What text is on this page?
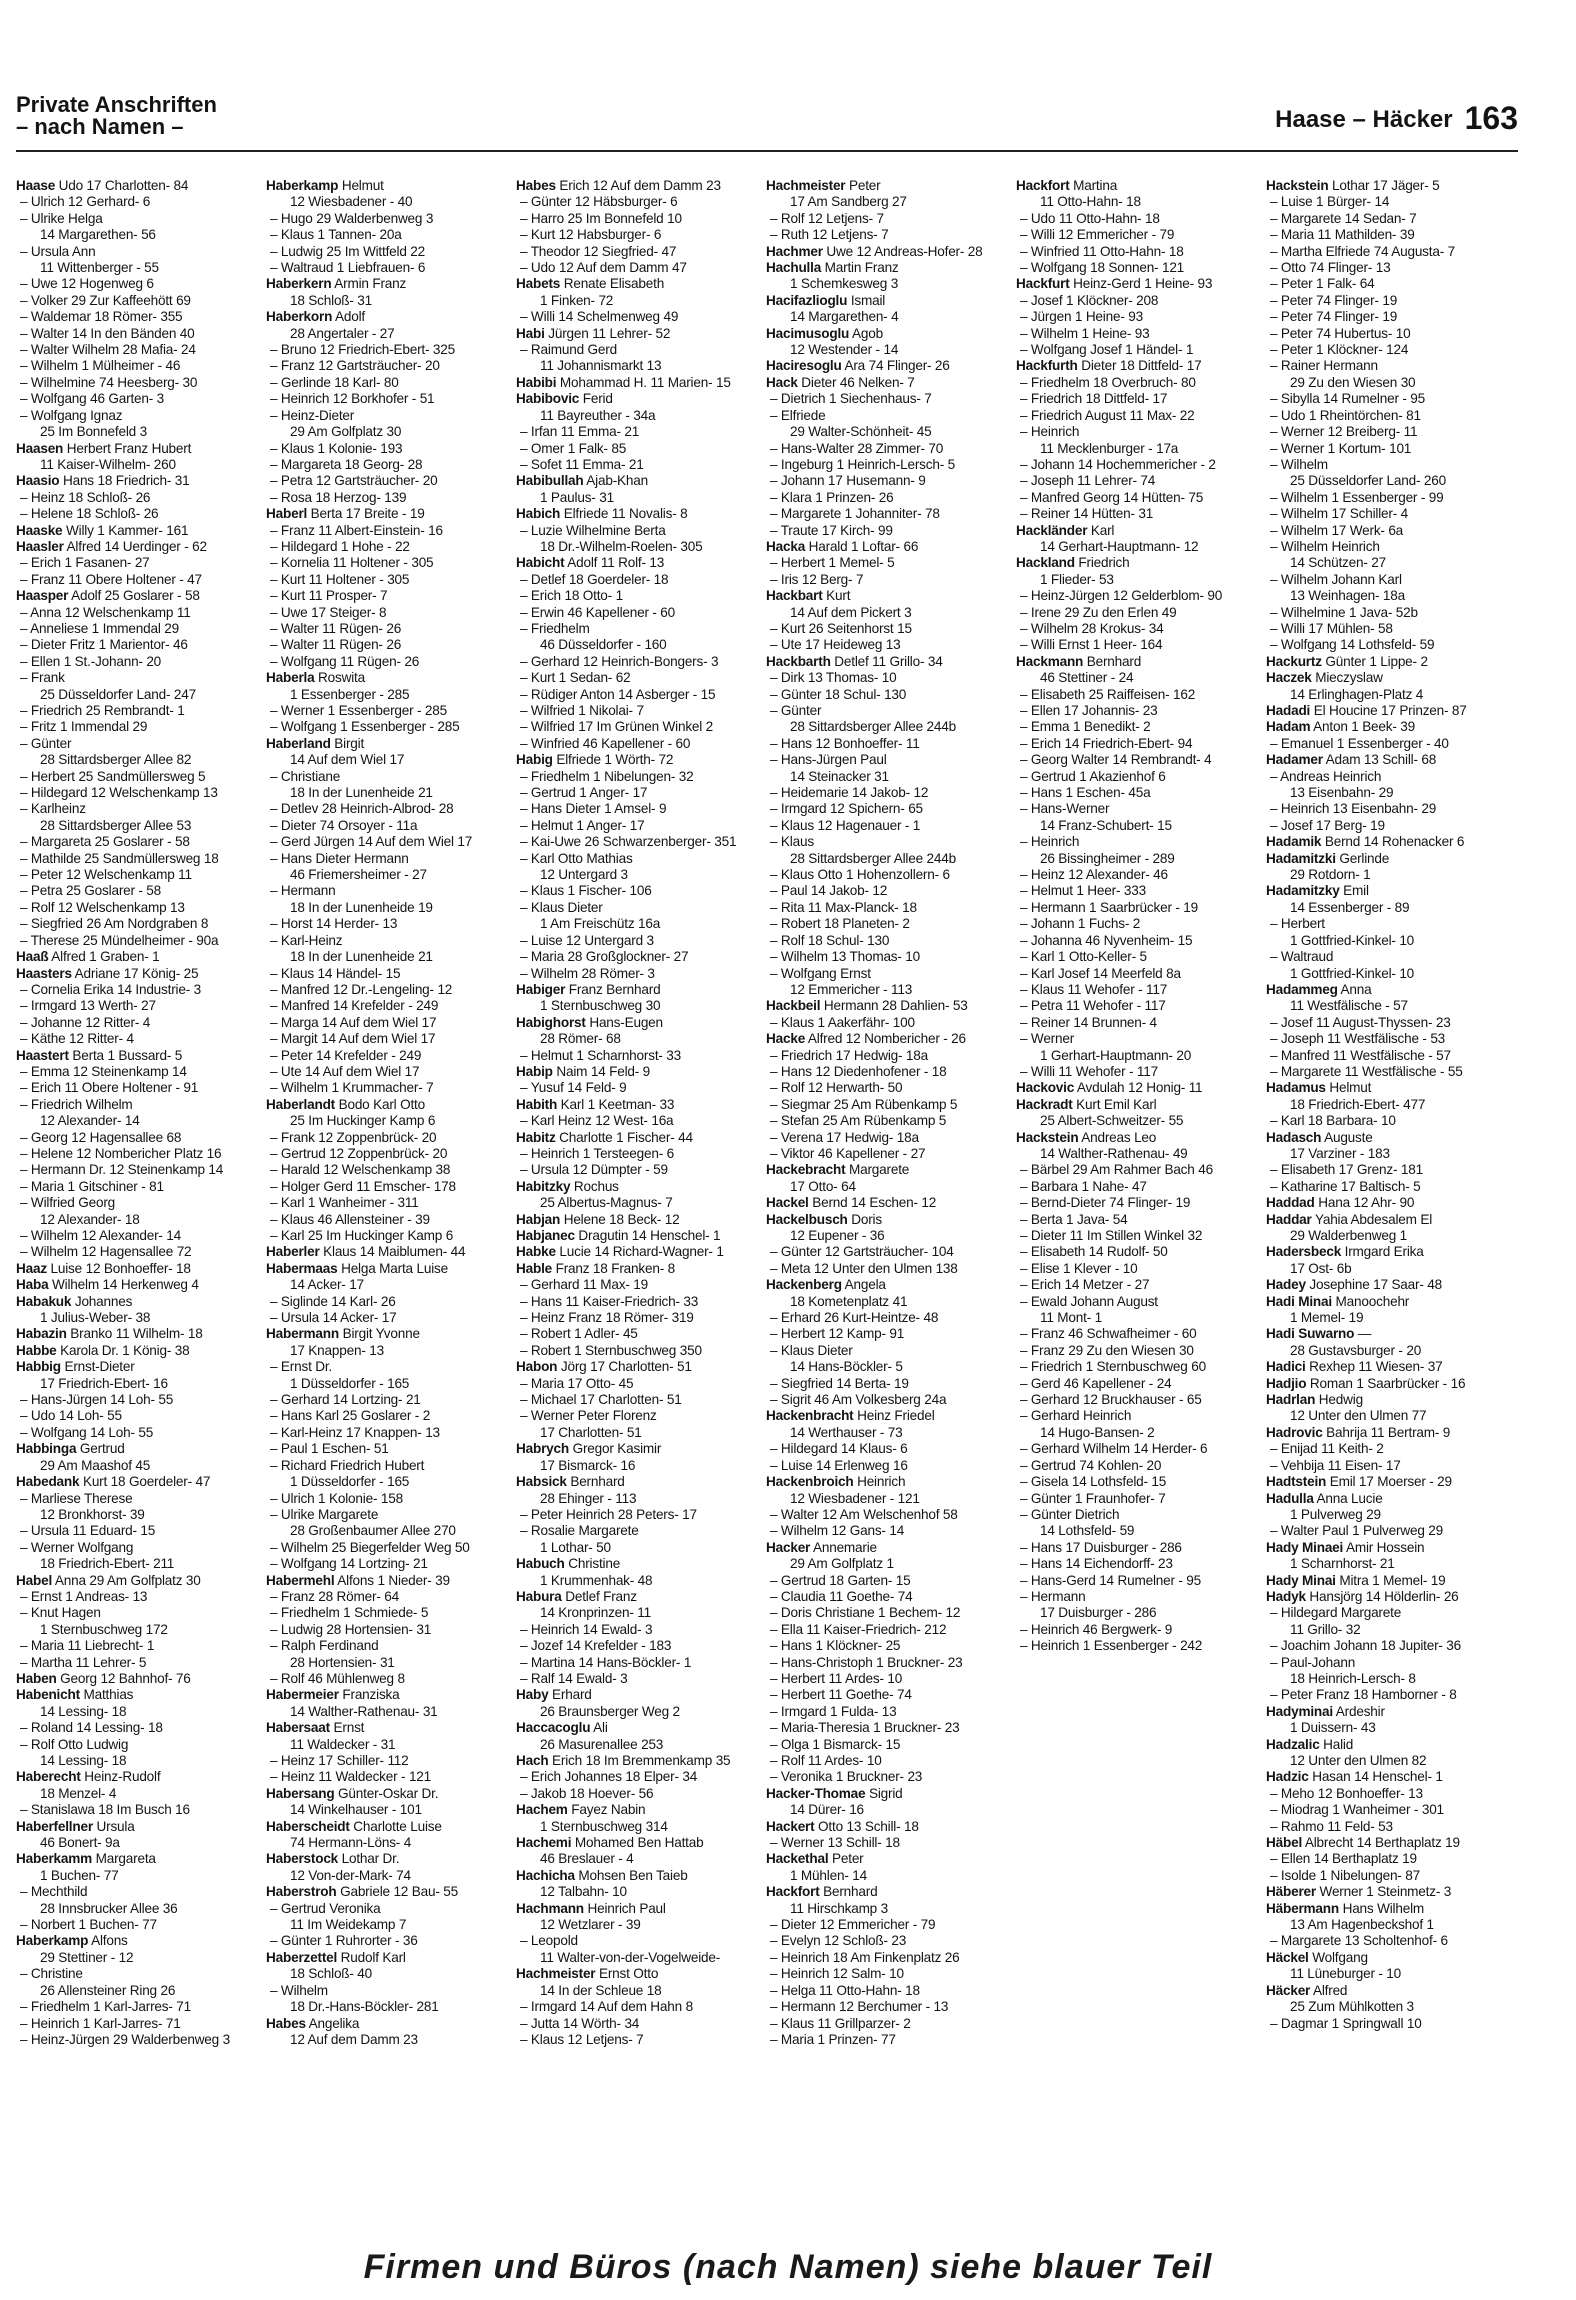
Private Anschriften
– nach Namen –	Haase – Häcker 163
Haase Udo 17 Charlotten- 84
– Ulrich 12 Gerhard- 6
– Ulrike Helga
14 Margarethen- 56
– Ursula Ann
11 Wittenberger - 55
– Uwe 12 Hogenweg 6
– Volker 29 Zur Kaffeehött 69
– Waldemar 18 Römer- 355
– Walter 14 In den Bänden 40
– Walter Wilhelm 28 Mafia- 24
– Wilhelm 1 Mülheimer - 46
– Wilhelmine 74 Heesberg- 30
– Wolfgang 46 Garten- 3
– Wolfgang Ignaz
25 Im Bonnefeld 3
Haasen Herbert Franz Hubert
11 Kaiser-Wilhelm- 260
Haasio Hans 18 Friedrich- 31
– Heinz 18 Schloß- 26
– Helene 18 Schloß- 26
Haaske Willy 1 Kammer- 161
Haasler Alfred 14 Uerdinger - 62
– Erich 1 Fasanen- 27
– Franz 11 Obere Holtener - 47
Haasper Adolf 25 Goslarer - 58
– Anna 12 Welschenkamp 11
– Anneliese 1 Immendal 29
– Dieter Fritz 1 Marientor- 46
– Ellen 1 St.-Johann- 20
– Frank
25 Düsseldorfer Land- 247
– Friedrich 25 Rembrandt- 1
– Fritz 1 Immendal 29
– Günter
28 Sittardsberger Allee 82
– Herbert 25 Sandmüllersweg 5
– Hildegard 12 Welschenkamp 13
– Karlheinz
28 Sittardsberger Allee 53
– Margareta 25 Goslarer - 58
– Mathilde 25 Sandmüllersweg 18
– Peter 12 Welschenkamp 11
– Petra 25 Goslarer - 58
– Rolf 12 Welschenkamp 13
– Siegfried 26 Am Nordgraben 8
– Therese 25 Mündelheimer - 90a
Haaß Alfred 1 Graben- 1
Haasters Adriane 17 König- 25
– Cornelia Erika 14 Industrie- 3
– Irmgard 13 Werth- 27
– Johanne 12 Ritter- 4
– Käthe 12 Ritter- 4
Haastert Berta 1 Bussard- 5
– Emma 12 Steinenkamp 14
– Erich 11 Obere Holtener - 91
– Friedrich Wilhelm
12 Alexander- 14
– Georg 12 Hagensallee 68
– Helene 12 Nombericher Platz 16
– Hermann Dr. 12 Steinenkamp 14
– Maria 1 Gitschiner - 81
– Wilfried Georg
12 Alexander- 18
– Wilhelm 12 Alexander- 14
– Wilhelm 12 Hagensallee 72
Haaz Luise 12 Bonhoeffer- 18
Haba Wilhelm 14 Herkenweg 4
Habakuk Johannes
1 Julius-Weber- 38
Habazin Branko 11 Wilhelm- 18
Habbe Karola Dr. 1 König- 38
Habbig Ernst-Dieter
17 Friedrich-Ebert- 16
– Hans-Jürgen 14 Loh- 55
– Udo 14 Loh- 55
– Wolfgang 14 Loh- 55
Habbinga Gertrud
29 Am Maashof 45
Habedank Kurt 18 Goerdeler- 47
– Marliese Therese
12 Bronkhorst- 39
– Ursula 11 Eduard- 15
– Werner Wolfgang
18 Friedrich-Ebert- 211
Habel Anna 29 Am Golfplatz 30
– Ernst 1 Andreas- 13
– Knut Hagen
1 Sternbuschweg 172
– Maria 11 Liebrecht- 1
– Martha 11 Lehrer- 5
Haben Georg 12 Bahnhof- 76
Habenicht Matthias
14 Lessing- 18
– Roland 14 Lessing- 18
– Rolf Otto Ludwig
14 Lessing- 18
Haberecht Heinz-Rudolf
18 Menzel- 4
– Stanislawa 18 Im Busch 16
Haberfellner Ursula
46 Bonert- 9a
Haberkamm Margareta
1 Buchen- 77
– Mechthild
28 Innsbrucker Allee 36
– Norbert 1 Buchen- 77
Haberkamp Alfons
29 Stettiner - 12
– Christine
26 Allensteiner Ring 26
– Friedhelm 1 Karl-Jarres- 71
– Heinrich 1 Karl-Jarres- 71
– Heinz-Jürgen 29 Walderbenweg 3
Haberkamp Helmut
12 Wiesbadener - 40
– Hugo 29 Walderbenweg 3
– Klaus 1 Tannen- 20a
– Ludwig 25 Im Wittfeld 22
– Waltraud 1 Liebfrauen- 6
Haberkern Armin Franz
18 Schloß- 31
Haberkorn Adolf
28 Angertaler - 27
– Bruno 12 Friedrich-Ebert- 325
– Franz 12 Gartsträucher- 20
– Gerlinde 18 Karl- 80
– Heinrich 12 Borkhofer - 51
– Heinz-Dieter
29 Am Golfplatz 30
– Klaus 1 Kolonie- 193
– Margareta 18 Georg- 28
– Petra 12 Gartsträucher- 20
– Rosa 18 Herzog- 139
Haberl Berta 17 Breite - 19
– Franz 11 Albert-Einstein- 16
– Hildegard 1 Hohe - 22
– Kornelia 11 Holtener - 305
– Kurt 11 Holtener - 305
– Kurt 11 Prosper- 7
– Uwe 17 Steiger- 8
– Walter 11 Rügen- 26
– Walter 11 Rügen- 26
– Wolfgang 11 Rügen- 26
Haberla Roswita
1 Essenberger - 285
– Werner 1 Essenberger - 285
– Wolfgang 1 Essenberger - 285
Haberland Birgit
14 Auf dem Wiel 17
– Christiane
18 In der Lunenheide 21
– Detlev 28 Heinrich-Albrod- 28
– Dieter 74 Orsoyer - 11a
– Gerd Jürgen 14 Auf dem Wiel 17
– Hans Dieter Hermann
46 Friemersheimer - 27
– Hermann
18 In der Lunenheide 19
– Horst 14 Herder- 13
– Karl-Heinz
18 In der Lunenheide 21
– Klaus 14 Händel- 15
– Manfred 12 Dr.-Lengeling- 12
– Manfred 14 Krefelder - 249
– Marga 14 Auf dem Wiel 17
– Margit 14 Auf dem Wiel 17
– Peter 14 Krefelder - 249
– Ute 14 Auf dem Wiel 17
– Wilhelm 1 Krummacher- 7
Haberlandt Bodo Karl Otto
25 Im Huckinger Kamp 6
– Frank 12 Zoppenbrück- 20
– Gertrud 12 Zoppenbrück- 20
– Harald 12 Welschenkamp 38
– Holger Gerd 11 Emscher- 178
– Karl 1 Wanheimer - 311
– Klaus 46 Allensteiner - 39
– Karl 25 Im Huckinger Kamp 6
Haberler Klaus 14 Maiblumen- 44
Habermaas Helga Marta Luise
14 Acker- 17
– Siglinde 14 Karl- 26
– Ursula 14 Acker- 17
Habermann Birgit Yvonne
17 Knappen- 13
– Ernst Dr.
1 Düsseldorfer - 165
– Gerhard 14 Lortzing- 21
– Hans Karl 25 Goslarer - 2
– Karl-Heinz 17 Knappen- 13
– Paul 1 Eschen- 51
– Richard Friedrich Hubert
1 Düsseldorfer - 165
– Ulrich 1 Kolonie- 158
– Ulrike Margarete
28 Großenbaumer Allee 270
– Wilhelm 25 Biegerfelder Weg 50
– Wolfgang 14 Lortzing- 21
Habermehl Alfons 1 Nieder- 39
– Franz 28 Römer- 64
– Friedhelm 1 Schmiede- 5
– Ludwig 28 Hortensien- 31
– Ralph Ferdinand
28 Hortensien- 31
– Rolf 46 Mühlenweg 8
Habermeier Franziska
14 Walther-Rathenau- 31
Habersaat Ernst
11 Waldecker - 31
– Heinz 17 Schiller- 112
– Heinz 11 Waldecker - 121
Habersang Günter-Oskar Dr.
14 Winkelhauser - 101
Haberscheidt Charlotte Luise
74 Hermann-Löns- 4
Haberstock Lothar Dr.
12 Von-der-Mark- 74
Haberstroh Gabriele 12 Bau- 55
– Gertrud Veronika
11 Im Weidekamp 7
– Günter 1 Ruhrorter - 36
Haberzettel Rudolf Karl
18 Schloß- 40
– Wilhelm
18 Dr.-Hans-Böckler- 281
Habes Angelika
12 Auf dem Damm 23
Habes Erich 12 Auf dem Damm 23
– Günter 12 Häbsburger- 6
– Harro 25 Im Bonnefeld 10
– Kurt 12 Habsburger- 6
– Theodor 12 Siegfried- 47
– Udo 12 Auf dem Damm 47
Habets Renate Elisabeth
1 Finken- 72
– Willi 14 Schelmenweg 49
Habi Jürgen 11 Lehrer- 52
– Raimund Gerd
11 Johannismarkt 13
Habibi Mohammad H. 11 Marien- 15
Habibovic Ferid
11 Bayreuther - 34a
– Irfan 11 Emma- 21
– Omer 1 Falk- 85
– Sofet 11 Emma- 21
Habibullah Ajab-Khan
1 Paulus- 31
Habich Elfriede 11 Novalis- 8
– Luzie Wilhelmine Berta
18 Dr.-Wilhelm-Roelen- 305
Habicht Adolf 11 Rolf- 13
– Detlef 18 Goerdeler- 18
– Erich 18 Otto- 1
– Erwin 46 Kapellener - 60
– Friedhelm
46 Düsseldorfer - 160
– Gerhard 12 Heinrich-Bongers- 3
– Kurt 1 Sedan- 62
– Rüdiger Anton 14 Asberger - 15
– Wilfried 1 Nikolai- 7
– Wilfried 17 Im Grünen Winkel 2
– Winfried 46 Kapellener - 60
Habig Elfriede 1 Wörth- 72
– Friedhelm 1 Nibelungen- 32
– Gertrud 1 Anger- 17
– Hans Dieter 1 Amsel- 9
– Helmut 1 Anger- 17
– Kai-Uwe 26 Schwarzenberger- 351
– Karl Otto Mathias
12 Untergard 3
– Klaus 1 Fischer- 106
– Klaus Dieter
1 Am Freischütz 16a
– Luise 12 Untergard 3
– Maria 28 Großglockner- 27
– Wilhelm 28 Römer- 3
Habiger Franz Bernhard
1 Sternbuschweg 30
Habighorst Hans-Eugen
28 Römer- 68
– Helmut 1 Scharnhorst- 33
Habip Naim 14 Feld- 9
– Yusuf 14 Feld- 9
Habith Karl 1 Keetman- 33
– Karl Heinz 12 West- 16a
Habitz Charlotte 1 Fischer- 44
– Heinrich 1 Tersteegen- 6
– Ursula 12 Dümpter - 59
Habitzky Rochus
25 Albertus-Magnus- 7
Habjan Helene 18 Beck- 12
Habjanec Dragutin 14 Henschel- 1
Habke Lucie 14 Richard-Wagner- 1
Hable Franz 18 Franken- 8
– Gerhard 11 Max- 19
– Hans 11 Kaiser-Friedrich- 33
– Heinz Franz 18 Römer- 319
– Robert 1 Adler- 45
– Robert 1 Sternbuschweg 350
Habon Jörg 17 Charlotten- 51
– Maria 17 Otto- 45
– Michael 17 Charlotten- 51
– Werner Peter Florenz
17 Charlotten- 51
Habrych Gregor Kasimir
17 Bismarck- 16
Habsick Bernhard
28 Ehinger - 113
– Peter Heinrich 28 Peters- 17
– Rosalie Margarete
1 Lothar- 50
Habuch Christine
1 Krummenhak- 48
Habura Detlef Franz
14 Kronprinzen- 11
– Heinrich 14 Ewald- 3
– Jozef 14 Krefelder - 183
– Martina 14 Hans-Böckler- 1
– Ralf 14 Ewald- 3
Haby Erhard
26 Braunsberger Weg 2
Haccacoglu Ali
26 Masurenallee 253
Hach Erich 18 Im Bremmenkamp 35
– Erich Johannes 18 Elper- 34
– Jakob 18 Hoever- 56
Hachem Fayez Nabin
1 Sternbuschweg 314
Hachemi Mohamed Ben Hattab
46 Breslauer - 4
Hachicha Mohsen Ben Taieb
12 Talbahn- 10
Hachmann Heinrich Paul
12 Wetzlarer - 39
– Leopold
11 Walter-von-der-Vogelweide-
Hachmeister Ernst Otto
14 In der Schleue 18
– Irmgard 14 Auf dem Hahn 8
– Jutta 14 Wörth- 34
– Klaus 12 Letjens- 7
Hachmeister Peter
17 Am Sandberg 27
– Rolf 12 Letjens- 7
– Ruth 12 Letjens- 7
Hachmer Uwe 12 Andreas-Hofer- 28
Hachulla Martin Franz
1 Schemkesweg 3
Hacifazlioglu Ismail
14 Margarethen- 4
Hacimusoglu Agob
12 Westender - 14
Haciresoglu Ara 74 Flinger- 26
Hack Dieter 46 Nelken- 7
– Dietrich 1 Siechenhaus- 7
– Elfriede
29 Walter-Schönheit- 45
– Hans-Walter 28 Zimmer- 70
– Ingeburg 1 Heinrich-Lersch- 5
– Johann 17 Husemann- 9
– Klara 1 Prinzen- 26
– Margarete 1 Johanniter- 78
– Traute 17 Kirch- 99
Hacka Harald 1 Loftar- 66
– Herbert 1 Memel- 5
– Iris 12 Berg- 7
Hackbart Kurt
14 Auf dem Pickert 3
– Kurt 26 Seitenhorst 15
– Ute 17 Heideweg 13
Hackbarth Detlef 11 Grillo- 34
– Dirk 13 Thomas- 10
– Günter 18 Schul- 130
– Günter
28 Sittardsberger Allee 244b
– Hans 12 Bonhoeffer- 11
– Hans-Jürgen Paul
14 Steinacker 31
– Heidemarie 14 Jakob- 12
– Irmgard 12 Spichern- 65
– Klaus 12 Hagenauer - 1
– Klaus
28 Sittardsberger Allee 244b
– Klaus Otto 1 Hohenzollern- 6
– Paul 14 Jakob- 12
– Rita 11 Max-Planck- 18
– Robert 18 Planeten- 2
– Rolf 18 Schul- 130
– Wilhelm 13 Thomas- 10
– Wolfgang Ernst
12 Emmericher - 113
Hackbeil Hermann 28 Dahlien- 53
– Klaus 1 Aakerfähr- 100
Hacke Alfred 12 Nombericher - 26
– Friedrich 17 Hedwig- 18a
– Hans 12 Diedenhofener - 18
– Rolf 12 Herwarth- 50
– Siegmar 25 Am Rübenkamp 5
– Stefan 25 Am Rübenkamp 5
– Verena 17 Hedwig- 18a
– Viktor 46 Kapellener - 27
Hackebracht Margarete
17 Otto- 64
Hackel Bernd 14 Eschen- 12
Hackelbusch Doris
12 Eupener - 36
– Günter 12 Gartsträucher- 104
– Meta 12 Unter den Ulmen 138
Hackenberg Angela
18 Kometenplatz 41
– Erhard 26 Kurt-Heintze- 48
– Herbert 12 Kamp- 91
– Klaus Dieter
14 Hans-Böckler- 5
– Siegfried 14 Berta- 19
– Sigrit 46 Am Volkesberg 24a
Hackenbracht Heinz Friedel
14 Werthauser - 73
– Hildegard 14 Klaus- 6
– Luise 14 Erlenweg 16
Hackenbroich Heinrich
12 Wiesbadener - 121
– Walter 12 Am Welschenhof 58
– Wilhelm 12 Gans- 14
Hacker Annemarie
29 Am Golfplatz 1
– Gertrud 18 Garten- 15
– Claudia 11 Goethe- 74
– Doris Christiane 1 Bechem- 12
– Ella 11 Kaiser-Friedrich- 212
– Hans 1 Klöckner- 25
– Hans-Christoph 1 Bruckner- 23
– Herbert 11 Ardes- 10
– Herbert 11 Goethe- 74
– Irmgard 1 Fulda- 13
– Maria-Theresia 1 Bruckner- 23
– Olga 1 Bismarck- 15
– Rolf 11 Ardes- 10
– Veronika 1 Bruckner- 23
Hacker-Thomae Sigrid
14 Dürer- 16
Hackert Otto 13 Schill- 18
– Werner 13 Schill- 18
Hackethal Peter
1 Mühlen- 14
Hackfort Bernhard
11 Hirschkamp 3
– Dieter 12 Emmericher - 79
– Evelyn 12 Schloß- 23
– Heinrich 18 Am Finkenplatz 26
– Heinrich 12 Salm- 10
– Helga 11 Otto-Hahn- 18
– Hermann 12 Berchumer - 13
– Klaus 11 Grillparzer- 2
– Maria 1 Prinzen- 77
Hackfort Martina
11 Otto-Hahn- 18
– Udo 11 Otto-Hahn- 18
– Willi 12 Emmericher - 79
– Winfried 11 Otto-Hahn- 18
– Wolfgang 18 Sonnen- 121
Hackfurt Heinz-Gerd 1 Heine- 93
– Josef 1 Klöckner- 208
– Jürgen 1 Heine- 93
– Wilhelm 1 Heine- 93
– Wolfgang Josef 1 Händel- 1
Hackfurth Dieter 18 Dittfeld- 17
– Friedhelm 18 Overbruch- 80
– Friedrich 18 Dittfeld- 17
– Friedrich August 11 Max- 22
– Heinrich
11 Mecklenburger - 17a
– Johann 14 Hochemmericher - 2
– Joseph 11 Lehrer- 74
– Manfred Georg 14 Hütten- 75
– Reiner 14 Hütten- 31
Hackländer Karl
14 Gerhart-Hauptmann- 12
Hackland Friedrich
1 Flieder- 53
– Heinz-Jürgen 12 Gelderblom- 90
– Irene 29 Zu den Erlen 49
– Wilhelm 28 Krokus- 34
– Willi Ernst 1 Heer- 164
Hackmann Bernhard
46 Stettiner - 24
– Elisabeth 25 Raiffeisen- 162
– Ellen 17 Johannis- 23
– Emma 1 Benedikt- 2
– Erich 14 Friedrich-Ebert- 94
– Georg Walter 14 Rembrandt- 4
– Gertrud 1 Akazienhof 6
– Hans 1 Eschen- 45a
– Hans-Werner
14 Franz-Schubert- 15
– Heinrich
26 Bissingheimer - 289
– Heinz 12 Alexander- 46
– Helmut 1 Heer- 333
– Hermann 1 Saarbrücker - 19
– Johann 1 Fuchs- 2
– Johanna 46 Nyvenheim- 15
– Karl 1 Otto-Keller- 5
– Karl Josef 14 Meerfeld 8a
– Klaus 11 Wehofer - 117
– Petra 11 Wehofer - 117
– Reiner 14 Brunnen- 4
– Werner
1 Gerhart-Hauptmann- 20
– Willi 11 Wehofer - 117
Hackovic Avdulah 12 Honig- 11
Hackradt Kurt Emil Karl
25 Albert-Schweitzer- 55
Hackstein Andreas Leo
14 Walther-Rathenau- 49
– Bärbel 29 Am Rahmer Bach 46
– Barbara 1 Nahe- 47
– Bernd-Dieter 74 Flinger- 19
– Berta 1 Java- 54
– Dieter 11 Im Stillen Winkel 32
– Elisabeth 14 Rudolf- 50
– Elise 1 Klever - 10
– Erich 14 Metzer - 27
– Ewald Johann August
11 Mont- 1
– Franz 46 Schwafheimer - 60
– Franz 29 Zu den Wiesen 30
– Friedrich 1 Sternbuschweg 60
– Gerd 46 Kapellener - 24
– Gerhard 12 Bruckhauser - 65
– Gerhard Heinrich
14 Hugo-Bansen- 2
– Gerhard Wilhelm 14 Herder- 6
– Gertrud 74 Kohlen- 20
– Gisela 14 Lothsfeld- 15
– Günter 1 Fraunhofer- 7
– Günter Dietrich
14 Lothsfeld- 59
– Hans 17 Duisburger - 286
– Hans 14 Eichendorff- 23
– Hans-Gerd 14 Rumelner - 95
– Hermann
17 Duisburger - 286
– Heinrich 46 Bergwerk- 9
– Heinrich 1 Essenberger - 242
Hackstein Lothar 17 Jäger- 5
– Luise 1 Bürger- 14
– Margarete 14 Sedan- 7
– Maria 11 Mathilden- 39
– Martha Elfriede 74 Augusta- 7
– Otto 74 Flinger- 13
– Peter 1 Falk- 64
– Peter 74 Flinger- 19
– Peter 74 Flinger- 19
– Peter 74 Hubertus- 10
– Peter 1 Klöckner- 124
– Rainer Hermann
29 Zu den Wiesen 30
– Sibylla 14 Rumelner - 95
– Udo 1 Rheintörchen- 81
– Werner 12 Breiberg- 11
– Werner 1 Kortum- 101
– Wilhelm
25 Düsseldorfer Land- 260
– Wilhelm 1 Essenberger - 99
– Wilhelm 17 Schiller- 4
– Wilhelm 17 Werk- 6a
– Wilhelm Heinrich
14 Schützen- 27
– Wilhelm Johann Karl
13 Weinhagen- 18a
– Wilhelmine 1 Java- 52b
– Willi 17 Mühlen- 58
– Wolfgang 14 Lothsfeld- 59
Hackurtz Günter 1 Lippe- 2
Haczek Mieczyslaw
14 Erlinghagen-Platz 4
Hadadi El Houcine 17 Prinzen- 87
Hadam Anton 1 Beek- 39
– Emanuel 1 Essenberger - 40
Hadamer Adam 13 Schill- 68
– Andreas Heinrich
13 Eisenbahn- 29
– Heinrich 13 Eisenbahn- 29
– Josef 17 Berg- 19
Hadamik Bernd 14 Rohenacker 6
Hadamitzki Gerlinde
29 Rotdorn- 1
Hadamitzky Emil
14 Essenberger - 89
– Herbert
1 Gottfried-Kinkel- 10
– Waltraud
1 Gottfried-Kinkel- 10
Hadammeg Anna
11 Westfälische - 57
– Josef 11 August-Thyssen- 23
– Joseph 11 Westfälische - 53
– Manfred 11 Westfälische - 57
– Margarete 11 Westfälische - 55
Hadamus Helmut
18 Friedrich-Ebert- 477
– Karl 18 Barbara- 10
Hadasch Auguste
17 Varziner - 183
– Elisabeth 17 Grenz- 181
– Katharine 17 Baltisch- 5
Haddad Hana 12 Ahr- 90
Haddar Yahia Abdesalem El
29 Walderbenweg 1
Hadersbeck Irmgard Erika
17 Ost- 6b
Hadey Josephine 17 Saar- 48
Hadi Minai Manoochehr
1 Memel- 19
Hadi Suwarno —
28 Gustavsburger - 20
Hadici Rexhep 11 Wiesen- 37
Hadjio Roman 1 Saarbrücker - 16
Hadrlan Hedwig
12 Unter den Ulmen 77
Hadrovic Bahrija 11 Bertram- 9
– Enijad 11 Keith- 2
– Vehbija 11 Eisen- 17
Hadtstein Emil 17 Moerser - 29
Hadulla Anna Lucie
1 Pulverweg 29
– Walter Paul 1 Pulverweg 29
Hady Minaei Amir Hossein
1 Scharnhorst- 21
Hady Minai Mitra 1 Memel- 19
Hadyk Hansjörg 14 Hölderlin- 26
– Hildegard Margarete
11 Grillo- 32
– Joachim Johann 18 Jupiter- 36
– Paul-Johann
18 Heinrich-Lersch- 8
– Peter Franz 18 Hamborner - 8
Hadyminai Ardeshir
1 Duissern- 43
Hadzalic Halid
12 Unter den Ulmen 82
Hadzic Hasan 14 Henschel- 1
– Meho 12 Bonhoeffer- 13
– Miodrag 1 Wanheimer - 301
– Rahmo 11 Feld- 53
Häbel Albrecht 14 Berthaplatz 19
– Ellen 14 Berthaplatz 19
– Isolde 1 Nibelungen- 87
Häberer Werner 1 Steinmetz- 3
Häbermann Hans Wilhelm
13 Am Hagenbeckshof 1
– Margarete 13 Scholtenhof- 6
Häckel Wolfgang
11 Lüneburger - 10
Häcker Alfred
25 Zum Mühlkotten 3
– Dagmar 1 Springwall 10
Firmen und Büros (nach Namen) siehe blauer Teil
